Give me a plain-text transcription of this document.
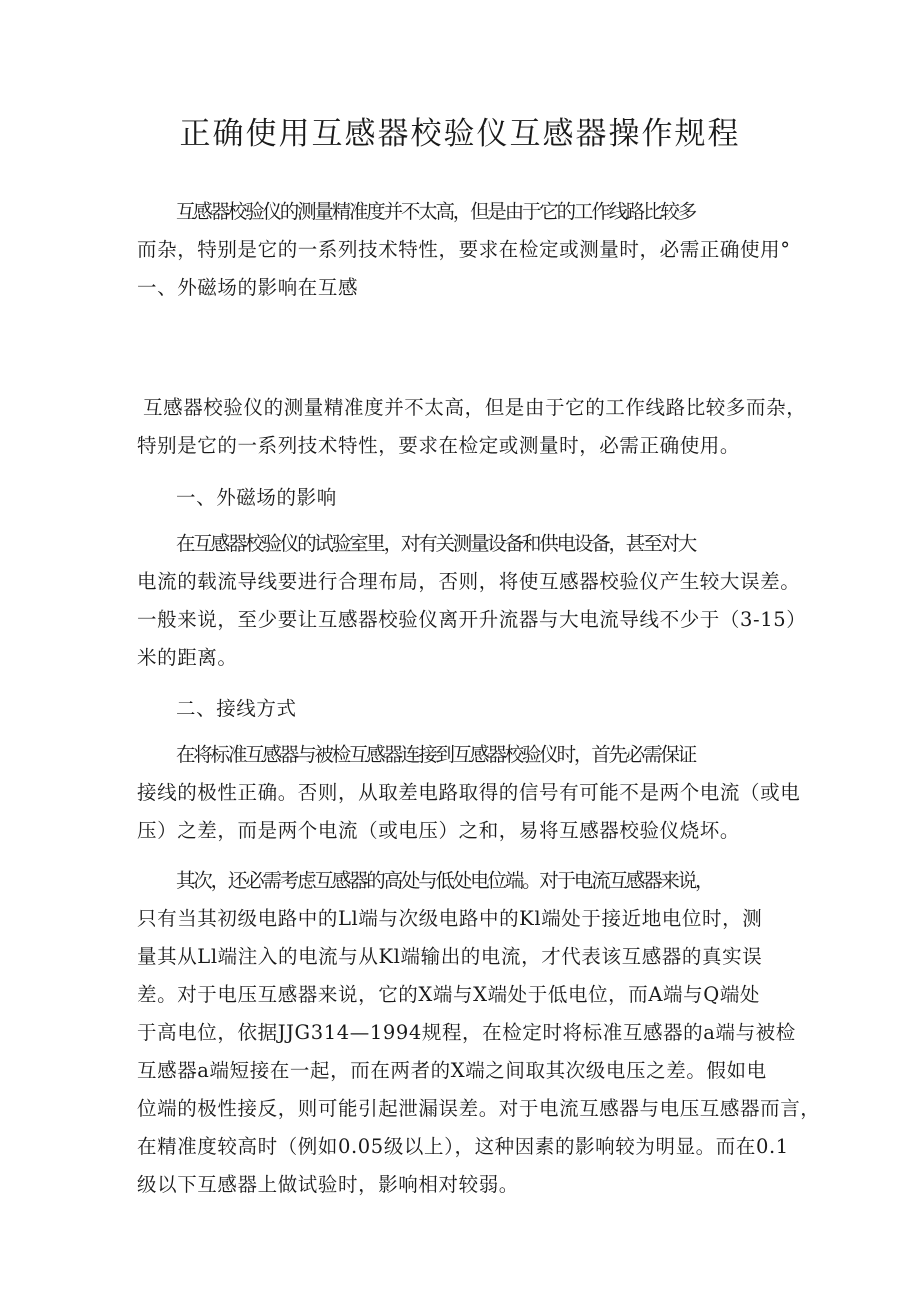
正确使用互感器校验仪互感器操作规程
互感器校验仪的测量精准度并不太高，但是由于它的工作线路比较多
而杂，特别是它的一系列技术特性，要求在检定或测量时，必需正确使用°
一、外磁场的影响在互感
互感器校验仪的测量精准度并不太高，但是由于它的工作线路比较多而杂，
特别是它的一系列技术特性，要求在检定或测量时，必需正确使用。
一、外磁场的影响
在互感器校验仪的试验室里，对有关测量设备和供电设备，甚至对大
电流的载流导线要进行合理布局，否则，将使互感器校验仪产生较大误差。
一般来说，至少要让互感器校验仪离开升流器与大电流导线不少于（3-15）
米的距离。
二、接线方式
在将标准互感器与被检互感器连接到互感器校验仪时，首先必需保证
接线的极性正确。否则，从取差电路取得的信号有可能不是两个电流（或电
压）之差，而是两个电流（或电压）之和，易将互感器校验仪烧坏。
其次，还必需考虑互感器的高处与低处电位端。对于电流互感器来说，
只有当其初级电路中的Ll端与次级电路中的Kl端处于接近地电位时，测
量其从Ll端注入的电流与从Kl端输出的电流，才代表该互感器的真实误
差。对于电压互感器来说，它的X端与X端处于低电位，而A端与Q端处
于高电位，依据JJG314—1994规程，在检定时将标准互感器的a端与被检
互感器a端短接在一起，而在两者的X端之间取其次级电压之差。假如电
位端的极性接反，则可能引起泄漏误差。对于电流互感器与电压互感器而言，
在精准度较高时（例如0.05级以上），这种因素的影响较为明显。而在0.1
级以下互感器上做试验时，影响相对较弱。
